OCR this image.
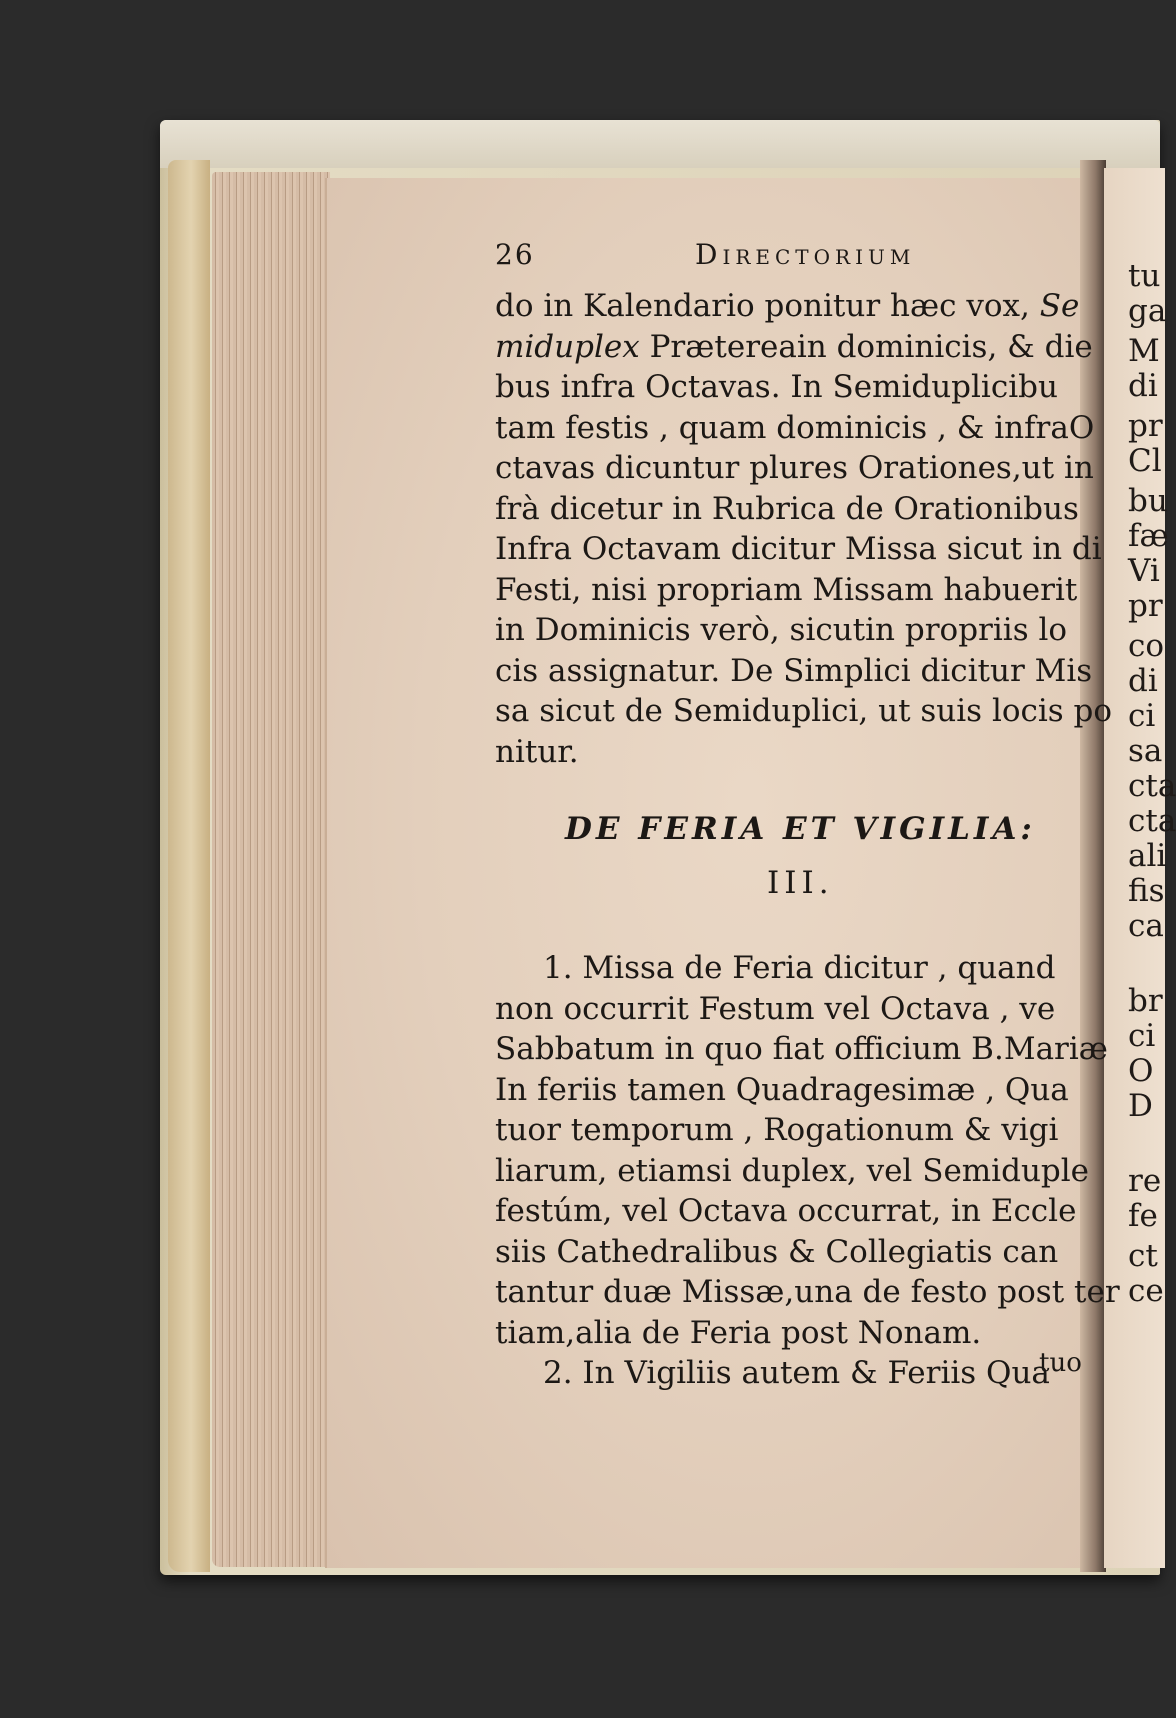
tu
ga
M
di
pr
Cl
bu
fæ
Vi
pr
co
di
ci
sa
cta
cta
ali
fis
ca
br
ci
O
D
re
fe
ct
ce
26	Directorium
do in Kalendario ponitur hæc vox, Se
miduplex Prætereain dominicis, & die
bus infra Octavas. In Semiduplicibu
tam festis , quam dominicis , & infraO
ctavas dicuntur plures Orationes,ut in
frà dicetur in Rubrica de Orationibus
Infra Octavam dicitur Missa sicut in di
Festi, nisi propriam Missam habuerit
in Dominicis verò, sicutin propriis lo
cis assignatur. De Simplici dicitur Mis
sa sicut de Semiduplici, ut suis locis po
nitur.
DE FERIA ET VIGILIA:
III.
1. Missa de Feria dicitur , quand
non occurrit Festum vel Octava , ve
Sabbatum in quo fiat officium B.Mariæ
In feriis tamen Quadragesimæ , Qua
tuor temporum , Rogationum & vigi
liarum, etiamsi duplex, vel Semiduple
festúm, vel Octava occurrat, in Eccle
siis Cathedralibus & Collegiatis can
tantur duæ Missæ,una de festo post ter
tiam,alia de Feria post Nonam.
2. In Vigiliis autem & Feriis Qua
tuo
